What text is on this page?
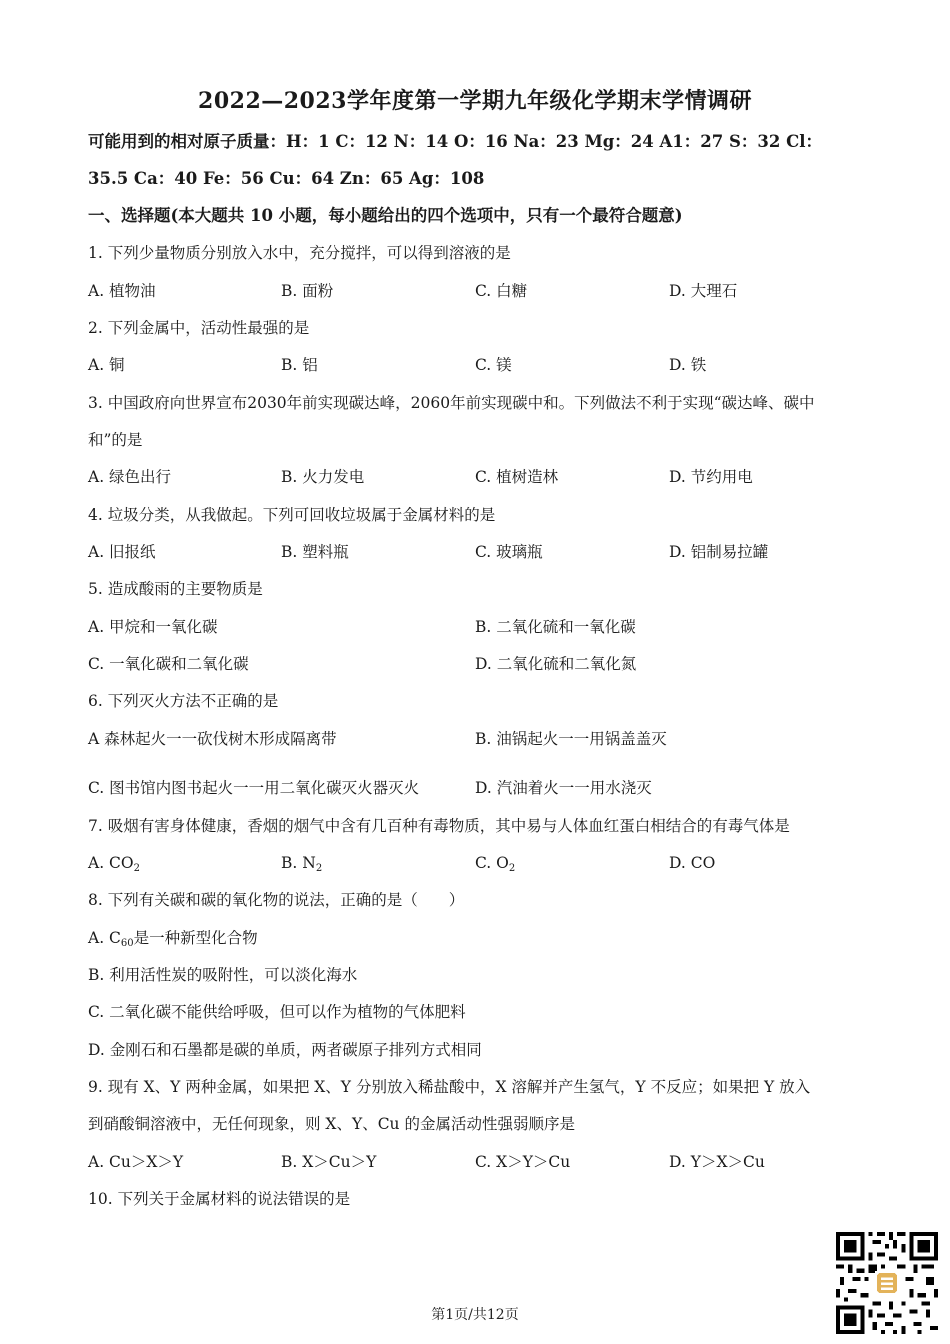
2022—2023学年度第一学期九年级化学期末学情调研
可能用到的相对原子质量：H：1 C：12 N：14 O：16 Na：23 Mg：24 A1：27 S：32 Cl：
35.5 Ca：40 Fe：56 Cu：64 Zn：65 Ag：108
一、选择题(本大题共 10 小题，每小题给出的四个选项中，只有一个最符合题意)
1. 下列少量物质分别放入水中，充分搅拌，可以得到溶液的是
A. 植物油	B. 面粉	C. 白糖	D. 大理石
2. 下列金属中，活动性最强的是
A. 铜	B. 铝	C. 镁	D. 铁
3. 中国政府向世界宣布2030年前实现碳达峰，2060年前实现碳中和。下列做法不利于实现“碳达峰、碳中
和”的是
A. 绿色出行	B. 火力发电	C. 植树造林	D. 节约用电
4. 垃圾分类，从我做起。下列可回收垃圾属于金属材料的是
A. 旧报纸	B. 塑料瓶	C. 玻璃瓶	D. 铝制易拉罐
5. 造成酸雨的主要物质是
A. 甲烷和一氧化碳	B. 二氧化硫和一氧化碳
C. 一氧化碳和二氧化碳	D. 二氧化硫和二氧化氮
6. 下列灭火方法不正确的是
A 森林起火一一砍伐树木形成隔离带	B. 油锅起火一一用锅盖盖灭
C. 图书馆内图书起火一一用二氧化碳灭火器灭火	D. 汽油着火一一用水浇灭
7. 吸烟有害身体健康，香烟的烟气中含有几百种有毒物质，其中易与人体血红蛋白相结合的有毒气体是
A. $CO_2$	B. $N_2$	C. $O_2$	D. CO
8. 下列有关碳和碳的氧化物的说法，正确的是（　　）
A. $C_{60}$是一种新型化合物
B. 利用活性炭的吸附性，可以淡化海水
C. 二氧化碳不能供给呼吸，但可以作为植物的气体肥料
D. 金刚石和石墨都是碳的单质，两者碳原子排列方式相同
9. 现有 X、Y 两种金属，如果把 X、Y 分别放入稀盐酸中，X 溶解并产生氢气，Y 不反应；如果把 Y 放入
到硝酸铜溶液中，无任何现象，则 X、Y、Cu 的金属活动性强弱顺序是
A. Cu＞X＞Y	B. X＞Cu＞Y	C. X＞Y＞Cu	D. Y＞X＞Cu
10. 下列关于金属材料的说法错误的是
第1页/共12页
